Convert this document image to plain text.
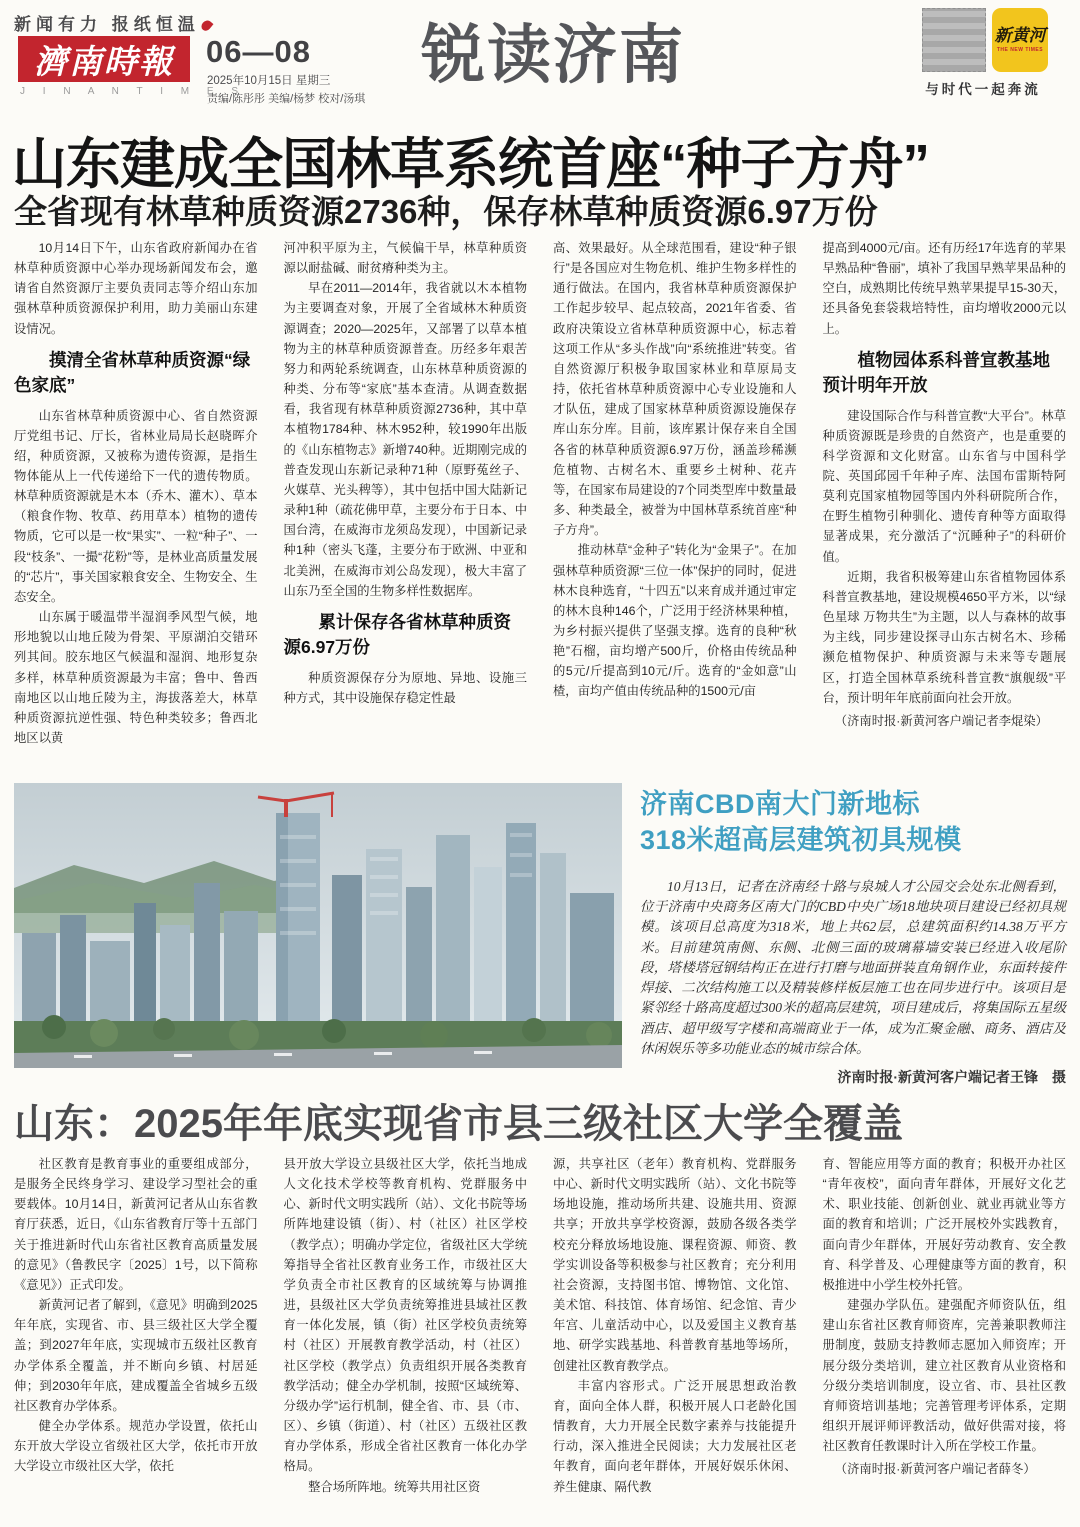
新闻有力 报纸恒温
濟南時報
J I N A N T I M E S
06—08
2025年10月15日 星期三
责编/陈彤彤 美编/杨梦 校对/汤琪
锐读济南	新黄河
THE NEW TIMES
与时代一起奔流
山东建成全国林草系统首座“种子方舟”
全省现有林草种质资源2736种，保存林草种质资源6.97万份
10月14日下午，山东省政府新闻办在省林草种质资源中心举办现场新闻发布会，邀请省自然资源厅主要负责同志等介绍山东加强林草种质资源保护利用，助力美丽山东建设情况。
摸清全省林草种质资源“绿色家底”
山东省林草种质资源中心、省自然资源厅党组书记、厅长，省林业局局长赵晓晖介绍，种质资源，又被称为遗传资源，是指生物体能从上一代传递给下一代的遗传物质。林草种质资源就是木本（乔木、灌木）、草本（粮食作物、牧草、药用草本）植物的遗传物质，它可以是一枚“果实”、一粒“种子”、一段“枝条”、一撮“花粉”等，是林业高质量发展的“芯片”，事关国家粮食安全、生物安全、生态安全。
山东属于暖温带半湿润季风型气候，地形地貌以山地丘陵为骨架、平原湖泊交错环列其间。胶东地区气候温和湿润、地形复杂多样，林草种质资源最为丰富；鲁中、鲁西南地区以山地丘陵为主，海拔落差大，林草种质资源抗逆性强、特色种类较多；鲁西北地区以黄
河冲积平原为主，气候偏干旱，林草种质资源以耐盐碱、耐贫瘠种类为主。
早在2011—2014年，我省就以木本植物为主要调查对象，开展了全省域林木种质资源调查；2020—2025年，又部署了以草本植物为主的林草种质资源普查。历经多年艰苦努力和两轮系统调查，山东林草种质资源的种类、分布等“家底”基本查清。从调查数据看，我省现有林草种质资源2736种，其中草本植物1784种、林木952种，较1990年出版的《山东植物志》新增740种。近期刚完成的普查发现山东新记录种71种（原野菟丝子、火媒草、光头稗等），其中包括中国大陆新记录种1种（疏花佛甲草，主要分布于日本、中国台湾，在威海市龙须岛发现），中国新记录种1种（密头飞蓬，主要分布于欧洲、中亚和北美洲，在威海市刘公岛发现），极大丰富了山东乃至全国的生物多样性数据库。
累计保存各省林草种质资源6.97万份
种质资源保存分为原地、异地、设施三种方式，其中设施保存稳定性最
高、效果最好。从全球范围看，建设“种子银行”是各国应对生物危机、维护生物多样性的通行做法。在国内，我省林草种质资源保护工作起步较早、起点较高，2021年省委、省政府决策设立省林草种质资源中心，标志着这项工作从“多头作战”向“系统推进”转变。省自然资源厅积极争取国家林业和草原局支持，依托省林草种质资源中心专业设施和人才队伍，建成了国家林草种质资源设施保存库山东分库。目前，该库累计保存来自全国各省的林草种质资源6.97万份，涵盖珍稀濒危植物、古树名木、重要乡土树种、花卉等，在国家布局建设的7个同类型库中数量最多、种类最全，被誉为中国林草系统首座“种子方舟”。
推动林草“金种子”转化为“金果子”。在加强林草种质资源“三位一体”保护的同时，促进林木良种选育，“十四五”以来育成并通过审定的林木良种146个，广泛用于经济林果种植，为乡村振兴提供了坚强支撑。选育的良种“秋艳”石榴，亩均增产500斤，价格由传统品种的5元/斤提高到10元/斤。选育的“金如意”山楂，亩均产值由传统品种的1500元/亩
提高到4000元/亩。还有历经17年选育的苹果早熟品种“鲁丽”，填补了我国早熟苹果品种的空白，成熟期比传统早熟苹果提早15-30天，还具备免套袋栽培特性，亩均增收2000元以上。
植物园体系科普宣教基地预计明年开放
建设国际合作与科普宣教“大平台”。林草种质资源既是珍贵的自然资产，也是重要的科学资源和文化财富。山东省与中国科学院、英国邱园千年种子库、法国布雷斯特阿莫利克国家植物园等国内外科研院所合作，在野生植物引种驯化、遗传育种等方面取得显著成果，充分激活了“沉睡种子”的科研价值。
近期，我省积极筹建山东省植物园体系科普宣教基地，建设规模4650平方米，以“绿色星球 万物共生”为主题，以人与森林的故事为主线，同步建设探寻山东古树名木、珍稀濒危植物保护、种质资源与未来等专题展区，打造全国林草系统科普宣教“旗舰级”平台，预计明年年底前面向社会开放。
（济南时报·新黄河客户端记者李焜染）
济南CBD南大门新地标
318米超高层建筑初具规模
10月13日，记者在济南经十路与泉城人才公园交会处东北侧看到，位于济南中央商务区南大门的CBD中央广场18地块项目建设已经初具规模。该项目总高度为318米，地上共62层，总建筑面积约14.38万平方米。目前建筑南侧、东侧、北侧三面的玻璃幕墙安装已经进入收尾阶段，塔楼塔冠钢结构正在进行打磨与地面拼装直角钢作业，东面转接件焊接、二次结构施工以及精装修样板层施工也在同步进行中。该项目是紧邻经十路高度超过300米的超高层建筑，项目建成后，将集国际五星级酒店、超甲级写字楼和高端商业于一体，成为汇聚金融、商务、酒店及休闲娱乐等多功能业态的城市综合体。
济南时报·新黄河客户端记者王锋　摄
山东：2025年年底实现省市县三级社区大学全覆盖
社区教育是教育事业的重要组成部分，是服务全民终身学习、建设学习型社会的重要载体。10月14日，新黄河记者从山东省教育厅获悉，近日，《山东省教育厅等十五部门关于推进新时代山东省社区教育高质量发展的意见》（鲁教民字〔2025〕1号，以下简称《意见》）正式印发。
新黄河记者了解到，《意见》明确到2025年年底，实现省、市、县三级社区大学全覆盖；到2027年年底，实现城市五级社区教育办学体系全覆盖，并不断向乡镇、村居延伸；到2030年年底，建成覆盖全省城乡五级社区教育办学体系。
健全办学体系。规范办学设置，依托山东开放大学设立省级社区大学，依托市开放大学设立市级社区大学，依托
县开放大学设立县级社区大学，依托当地成人文化技术学校等教育机构、党群服务中心、新时代文明实践所（站）、文化书院等场所阵地建设镇（街）、村（社区）社区学校（教学点）；明确办学定位，省级社区大学统筹指导全省社区教育业务工作，市级社区大学负责全市社区教育的区域统筹与协调推进，县级社区大学负责统筹推进县域社区教育一体化发展，镇（街）社区学校负责统筹村（社区）开展教育教学活动，村（社区）社区学校（教学点）负责组织开展各类教育教学活动；健全办学机制，按照“区域统筹、分级办学”运行机制，健全省、市、县（市、区）、乡镇（街道）、村（社区）五级社区教育办学体系，形成全省社区教育一体化办学格局。
整合场所阵地。统筹共用社区资
源，共享社区（老年）教育机构、党群服务中心、新时代文明实践所（站）、文化书院等场地设施，推动场所共建、设施共用、资源共享；开放共享学校资源，鼓励各级各类学校充分释放场地设施、课程资源、师资、教学实训设备等积极参与社区教育；充分利用社会资源，支持图书馆、博物馆、文化馆、美术馆、科技馆、体育场馆、纪念馆、青少年宫、儿童活动中心，以及爱国主义教育基地、研学实践基地、科普教育基地等场所，创建社区教育教学点。
丰富内容形式。广泛开展思想政治教育，面向全体人群，积极开展人口老龄化国情教育，大力开展全民数字素养与技能提升行动，深入推进全民阅读；大力发展社区老年教育，面向老年群体，开展好娱乐休闲、养生健康、隔代教
育、智能应用等方面的教育；积极开办社区“青年夜校”，面向青年群体，开展好文化艺术、职业技能、创新创业、就业再就业等方面的教育和培训；广泛开展校外实践教育，面向青少年群体，开展好劳动教育、安全教育、科学普及、心理健康等方面的教育，积极推进中小学生校外托管。
建强办学队伍。建强配齐师资队伍，组建山东省社区教育师资库，完善兼职教师注册制度，鼓励支持教师志愿加入师资库；开展分级分类培训，建立社区教育从业资格和分级分类培训制度，设立省、市、县社区教育师资培训基地；完善管理考评体系，定期组织开展评师评教活动，做好供需对接，将社区教育任教课时计入所在学校工作量。
（济南时报·新黄河客户端记者薛冬）
